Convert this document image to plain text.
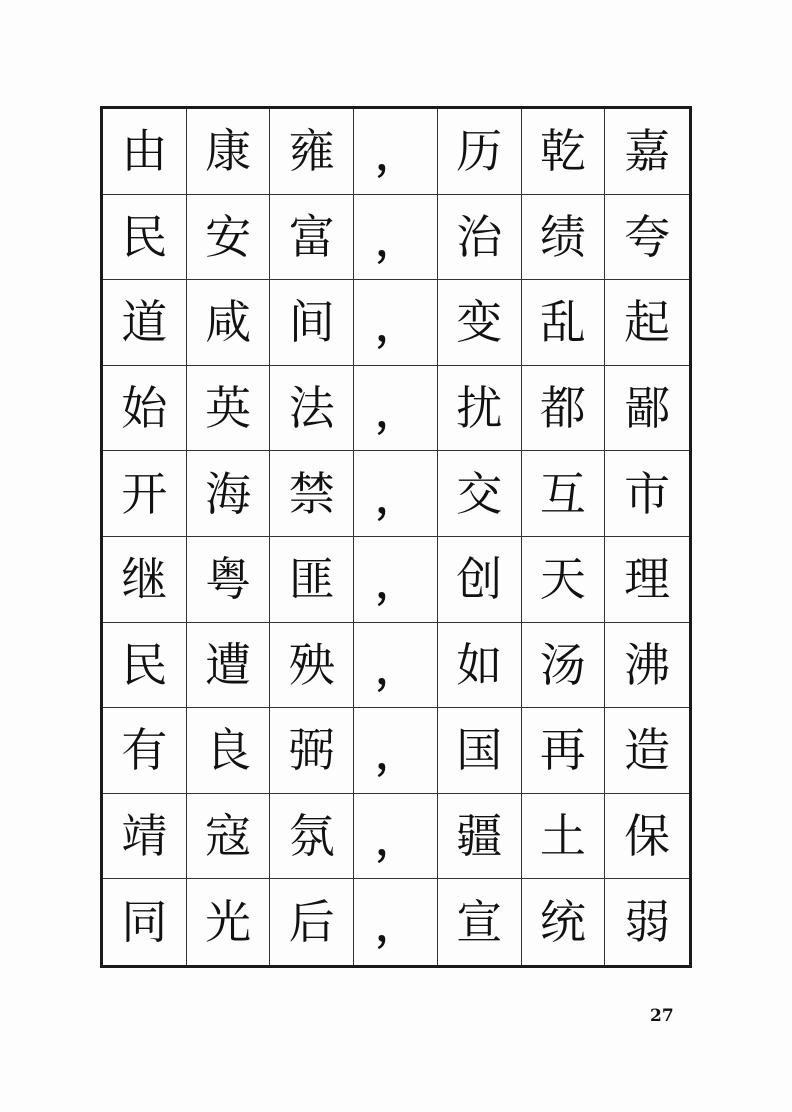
由 康 雍	， 历 乾 嘉
民 安 富	， 治 绩 夸
道 咸 间	， 变 乱 起
始 英 法	， 扰 都 鄙
开 海 禁	， 交 互 市
继 粤 匪	， 创 天 理
民 遭 殃	， 如 汤 沸
有 良 弼	， 国 再 造
靖 寇 氛	， 疆 土 保
同 光 后	， 宣 统 弱
27
